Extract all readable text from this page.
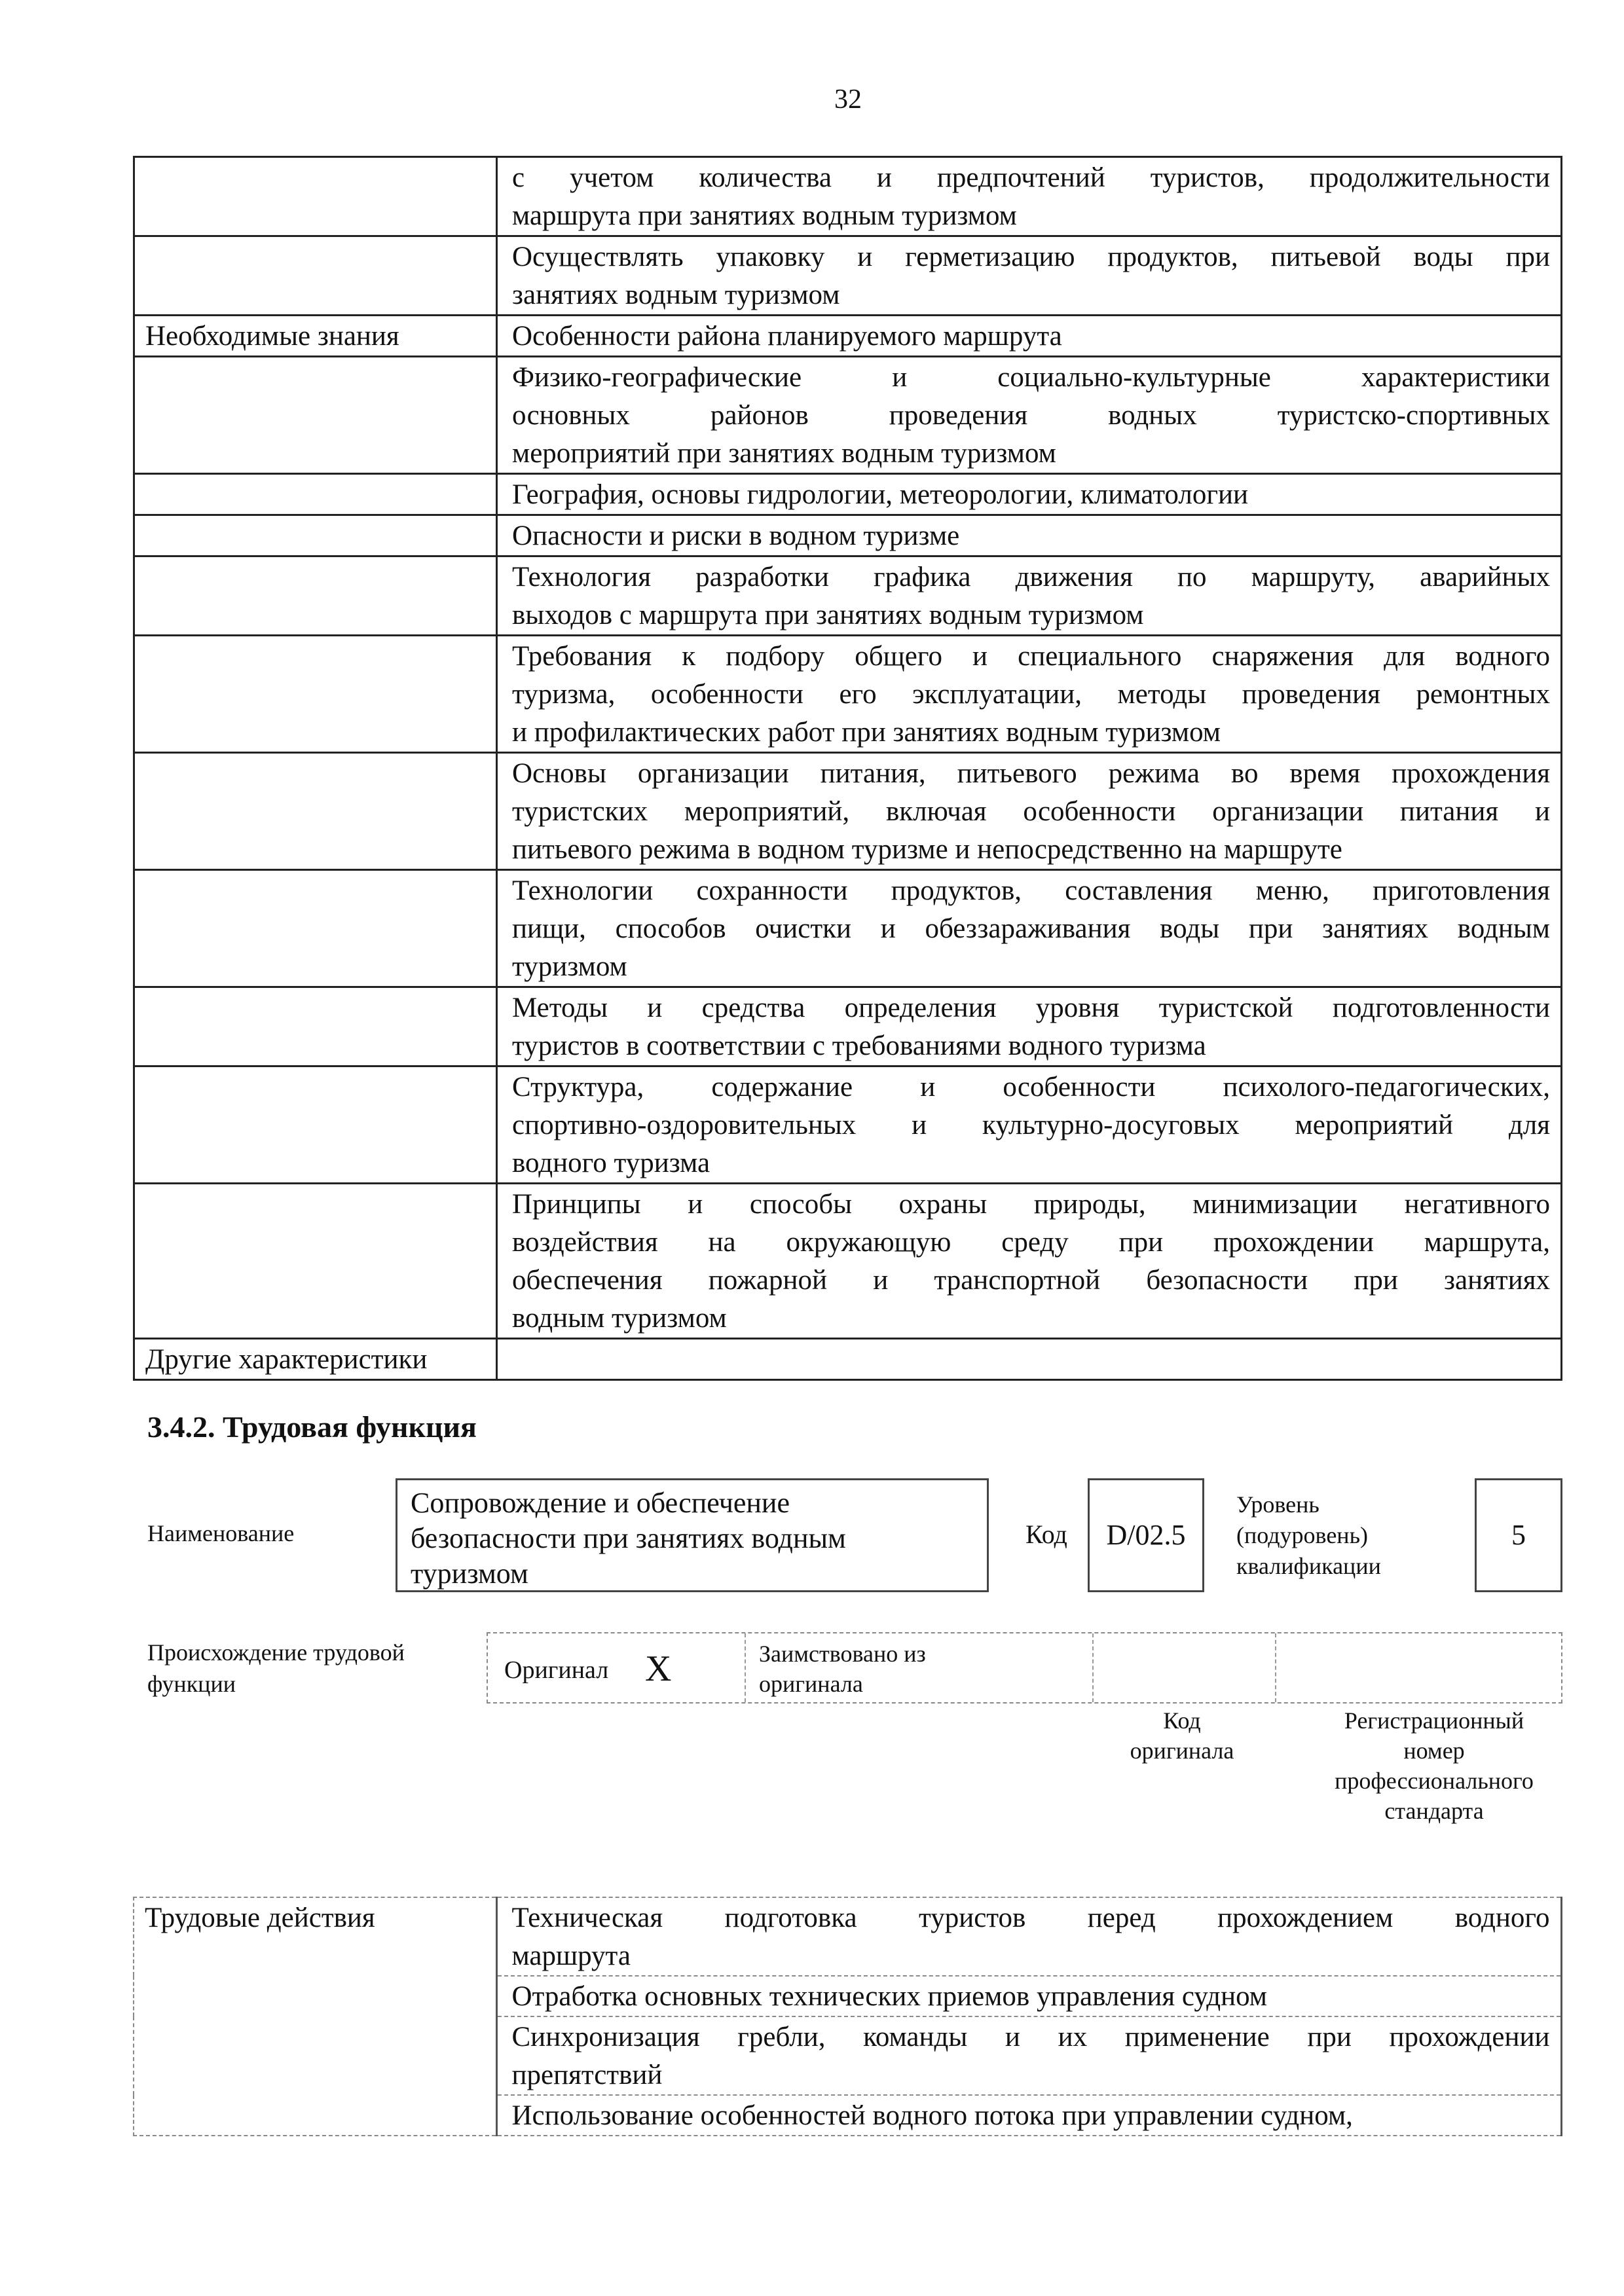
32

	с учетом количества и предпочтений туристов, продолжительности
маршрута при занятиях водным туризмом

	Осуществлять упаковку и герметизацию продуктов, питьевой воды при
занятиях водным туризмом

Необходимые знания	Особенности района планируемого маршрута

	Физико-географические и социально-культурные характеристики
основных районов проведения водных туристско-спортивных
мероприятий при занятиях водным туризмом

	География, основы гидрологии, метеорологии, климатологии

	Опасности и риски в водном туризме

	Технология разработки графика движения по маршруту, аварийных
выходов с маршрута при занятиях водным туризмом

	Требования к подбору общего и специального снаряжения для водного
туризма, особенности его эксплуатации, методы проведения ремонтных
и профилактических работ при занятиях водным туризмом

	Основы организации питания, питьевого режима во время прохождения
туристских мероприятий, включая особенности организации питания и
питьевого режима в водном туризме и непосредственно на маршруте

	Технологии сохранности продуктов, составления меню, приготовления
пищи, способов очистки и обеззараживания воды при занятиях водным
туризмом

	Методы и средства определения уровня туристской подготовленности
туристов в соответствии с требованиями водного туризма

	Структура, содержание и особенности психолого-педагогических,
спортивно-оздоровительных и культурно-досуговых мероприятий для
водного туризма

	Принципы и способы охраны природы, минимизации негативного
воздействия на окружающую среду при прохождении маршрута,
обеспечения пожарной и транспортной безопасности при занятиях
водным туризмом

Другие характеристики	
3.4.2. Трудовая функция
Наименование
Сопровождение и обеспечение
безопасности при занятиях водным
туризмом
Код	D/02.5
Уровень
(подуровень)
квалификации
5
Происхождение трудовой
функции	Оригинал X	Заимствовано из
оригинала
Код
оригинала
Регистрационный
номер
профессионального
стандарта
Трудовые действия	Техническая подготовка туристов перед прохождением водного
маршрута

Отработка основных технических приемов управления судном

Синхронизация гребли, команды и их применение при прохождении
препятствий

Использование особенностей водного потока при управлении судном,
